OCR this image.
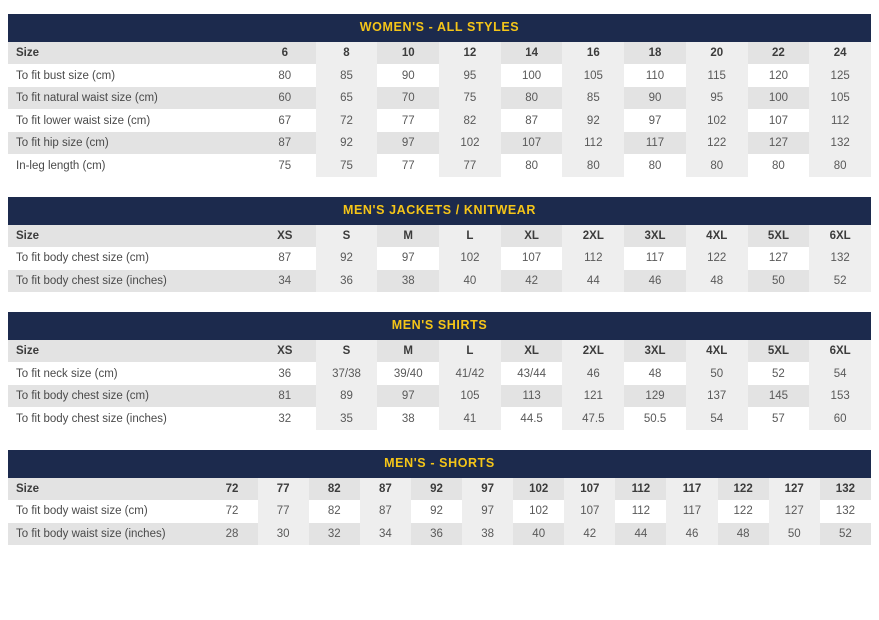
WOMEN'S - ALL STYLES
Size	6	8	10	12	14	16	18	20	22	24
To fit bust size (cm)	80	85	90	95	100	105	110	115	120	125
To fit natural waist size (cm)	60	65	70	75	80	85	90	95	100	105
To fit lower waist size (cm)	67	72	77	82	87	92	97	102	107	112
To fit hip size (cm)	87	92	97	102	107	112	117	122	127	132
In-leg length (cm)	75	75	77	77	80	80	80	80	80	80
MEN'S JACKETS / KNITWEAR
Size	XS	S	M	L	XL	2XL	3XL	4XL	5XL	6XL
To fit body chest size (cm)	87	92	97	102	107	112	117	122	127	132
To fit body chest size (inches)	34	36	38	40	42	44	46	48	50	52
MEN'S SHIRTS
Size	XS	S	M	L	XL	2XL	3XL	4XL	5XL	6XL
To fit neck size (cm)	36	37/38	39/40	41/42	43/44	46	48	50	52	54
To fit body chest size (cm)	81	89	97	105	113	121	129	137	145	153
To fit body chest size (inches)	32	35	38	41	44.5	47.5	50.5	54	57	60
MEN'S - SHORTS
Size	72	77	82	87	92	97	102	107	112	117	122	127	132
To fit body waist size (cm)	72	77	82	87	92	97	102	107	112	117	122	127	132
To fit body waist size (inches)	28	30	32	34	36	38	40	42	44	46	48	50	52
